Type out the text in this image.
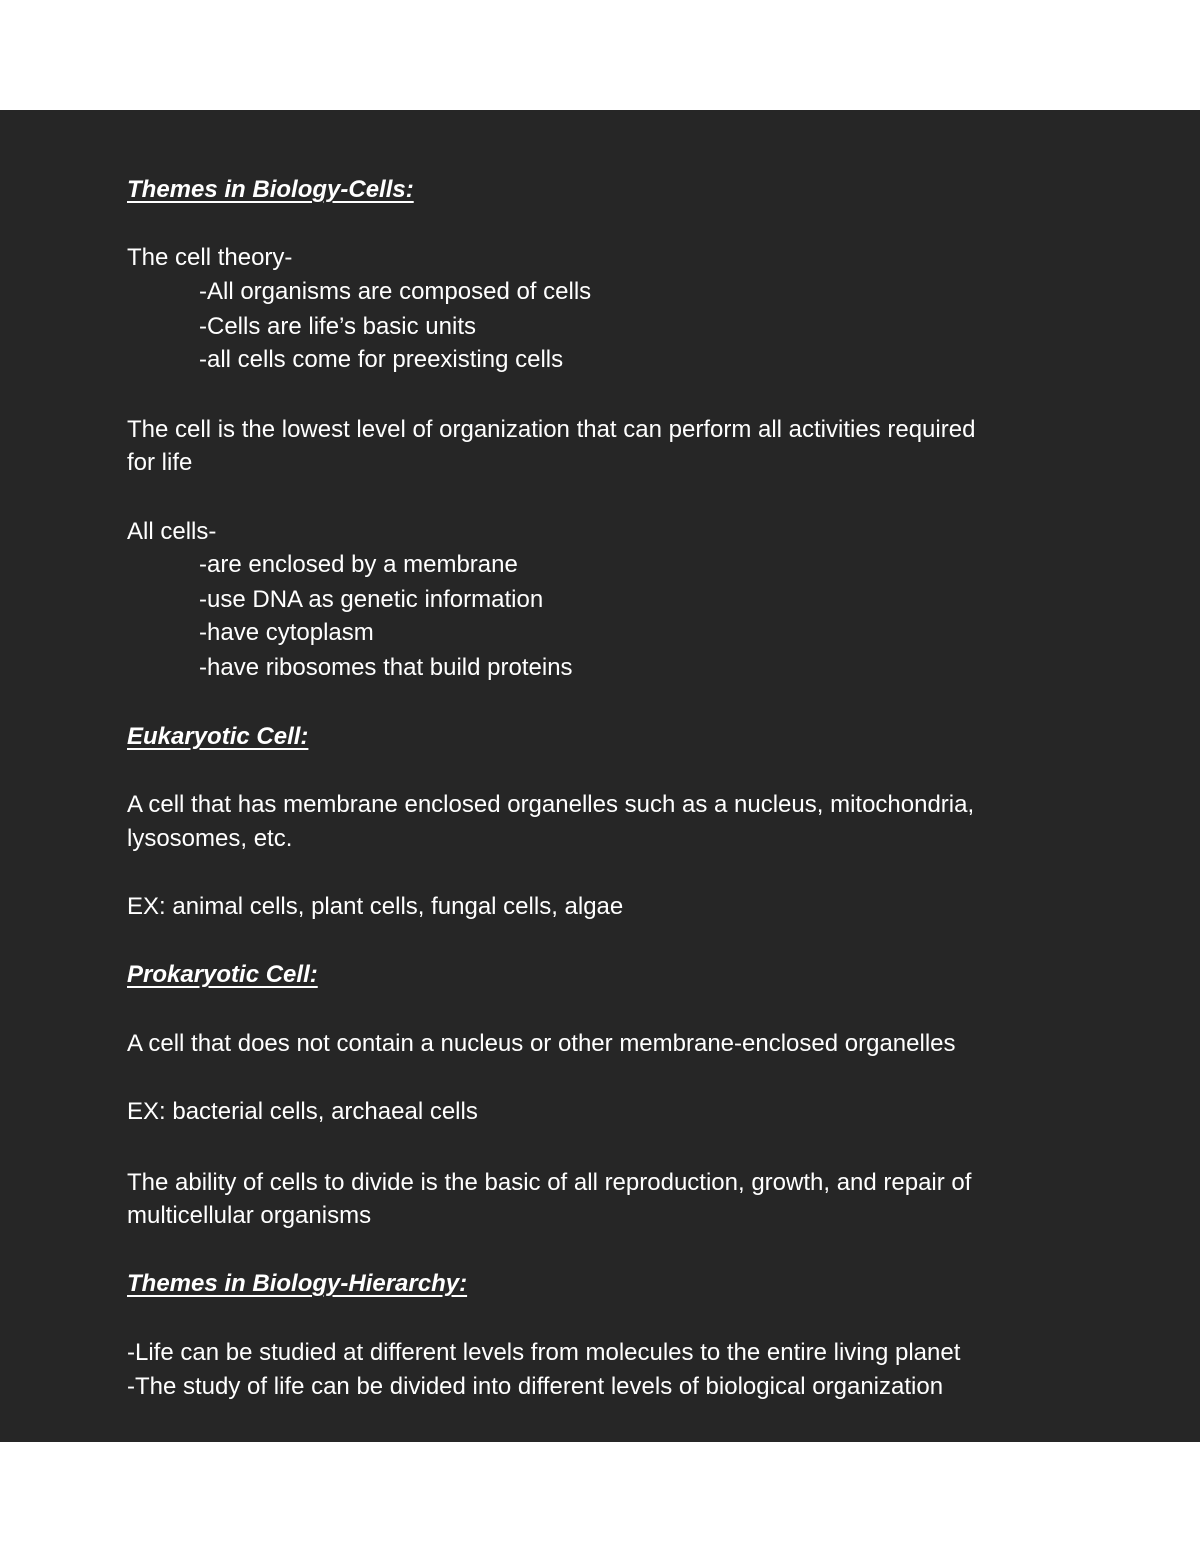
Themes in Biology-Cells:
The cell theory-
-All organisms are composed of cells
-Cells are life’s basic units
-all cells come for preexisting cells
The cell is the lowest level of organization that can perform all activities required
for life
All cells-
-are enclosed by a membrane
-use DNA as genetic information
-have cytoplasm
-have ribosomes that build proteins
Eukaryotic Cell:
A cell that has membrane enclosed organelles such as a nucleus, mitochondria,
lysosomes, etc.
EX: animal cells, plant cells, fungal cells, algae
Prokaryotic Cell:
A cell that does not contain a nucleus or other membrane-enclosed organelles
EX: bacterial cells, archaeal cells
The ability of cells to divide is the basic of all reproduction, growth, and repair of
multicellular organisms
Themes in Biology-Hierarchy:
-Life can be studied at different levels from molecules to the entire living planet
-The study of life can be divided into different levels of biological organization
